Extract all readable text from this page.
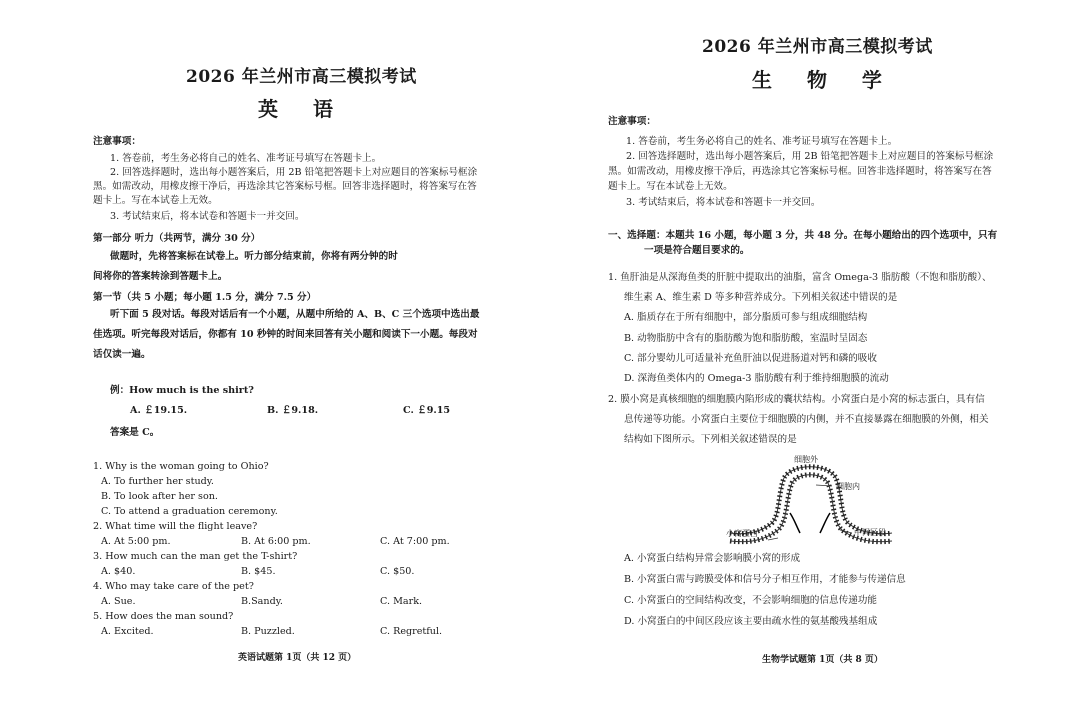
2026 年兰州市高三模拟考试
英 语
注意事项：
1. 答卷前，考生务必将自己的姓名、准考证号填写在答题卡上。
2. 回答选择题时，选出每小题答案后，用 2B 铅笔把答题卡上对应题目的答案标号框涂
黑。如需改动，用橡皮擦干净后，再选涂其它答案标号框。回答非选择题时，将答案写在答
题卡上。写在本试卷上无效。
3. 考试结束后，将本试卷和答题卡一并交回。
第一部分 听力（共两节，满分 30 分）
做题时，先将答案标在试卷上。听力部分结束前，你将有两分钟的时
间将你的答案转涂到答题卡上。
第一节（共 5 小题；每小题 1.5 分，满分 7.5 分）
听下面 5 段对话。每段对话后有一个小题，从题中所给的 A、B、C 三个选项中选出最
佳选项。听完每段对话后，你都有 10 秒钟的时间来回答有关小题和阅读下一小题。每段对
话仅读一遍。
例：How much is the shirt?
A. ￡19.15.	B. ￡9.18.	C. ￡9.15
答案是 C。
1. Why is the woman going to Ohio?
A. To further her study.
B. To look after her son.
C. To attend a graduation ceremony.
2. What time will the flight leave?
A. At 5:00 pm.	B. At 6:00 pm.	C. At 7:00 pm.
3. How much can the man get the T-shirt?
A. $40.	B. $45.	C. $50.
4. Who may take care of the pet?
A. Sue.	B.Sandy.	C. Mark.
5. How does the man sound?
A. Excited.	B. Puzzled.	C. Regretful.
英语试题第 1页（共 12 页）
2026 年兰州市高三模拟考试
生 物 学
注意事项：
1. 答卷前，考生务必将自己的姓名、准考证号填写在答题卡上。
2. 回答选择题时，选出每小题答案后，用 2B 铅笔把答题卡上对应题目的答案标号框涂
黑。如需改动，用橡皮擦干净后，再选涂其它答案标号框。回答非选择题时，将答案写在答
题卡上。写在本试卷上无效。
3. 考试结束后，将本试卷和答题卡一并交回。
一、选择题：本题共 16 小题，每小题 3 分，共 48 分。在每小题给出的四个选项中，只有
一项是符合题目要求的。
1. 鱼肝油是从深海鱼类的肝脏中提取出的油脂，富含 Omega-3 脂肪酸（不饱和脂肪酸）、
维生素 A、维生素 D 等多种营养成分。下列相关叙述中错误的是
A. 脂质存在于所有细胞中，部分脂质可参与组成细胞结构
B. 动物脂肪中含有的脂肪酸为饱和脂肪酸，室温时呈固态
C. 部分婴幼儿可适量补充鱼肝油以促进肠道对钙和磷的吸收
D. 深海鱼类体内的 Omega-3 脂肪酸有利于维持细胞膜的流动
2. 膜小窝是真核细胞的细胞膜内陷形成的囊状结构。小窝蛋白是小窝的标志蛋白，具有信
息传递等功能。小窝蛋白主要位于细胞膜的内侧，并不直接暴露在细胞膜的外侧，相关
结构如下图所示。下列相关叙述错误的是
细胞外
细胞内
小窝蛋白	中间区段
A. 小窝蛋白结构异常会影响膜小窝的形成
B. 小窝蛋白需与跨膜受体和信号分子相互作用，才能参与传递信息
C. 小窝蛋白的空间结构改变，不会影响细胞的信息传递功能
D. 小窝蛋白的中间区段应该主要由疏水性的氨基酸残基组成
生物学试题第 1页（共 8 页）
